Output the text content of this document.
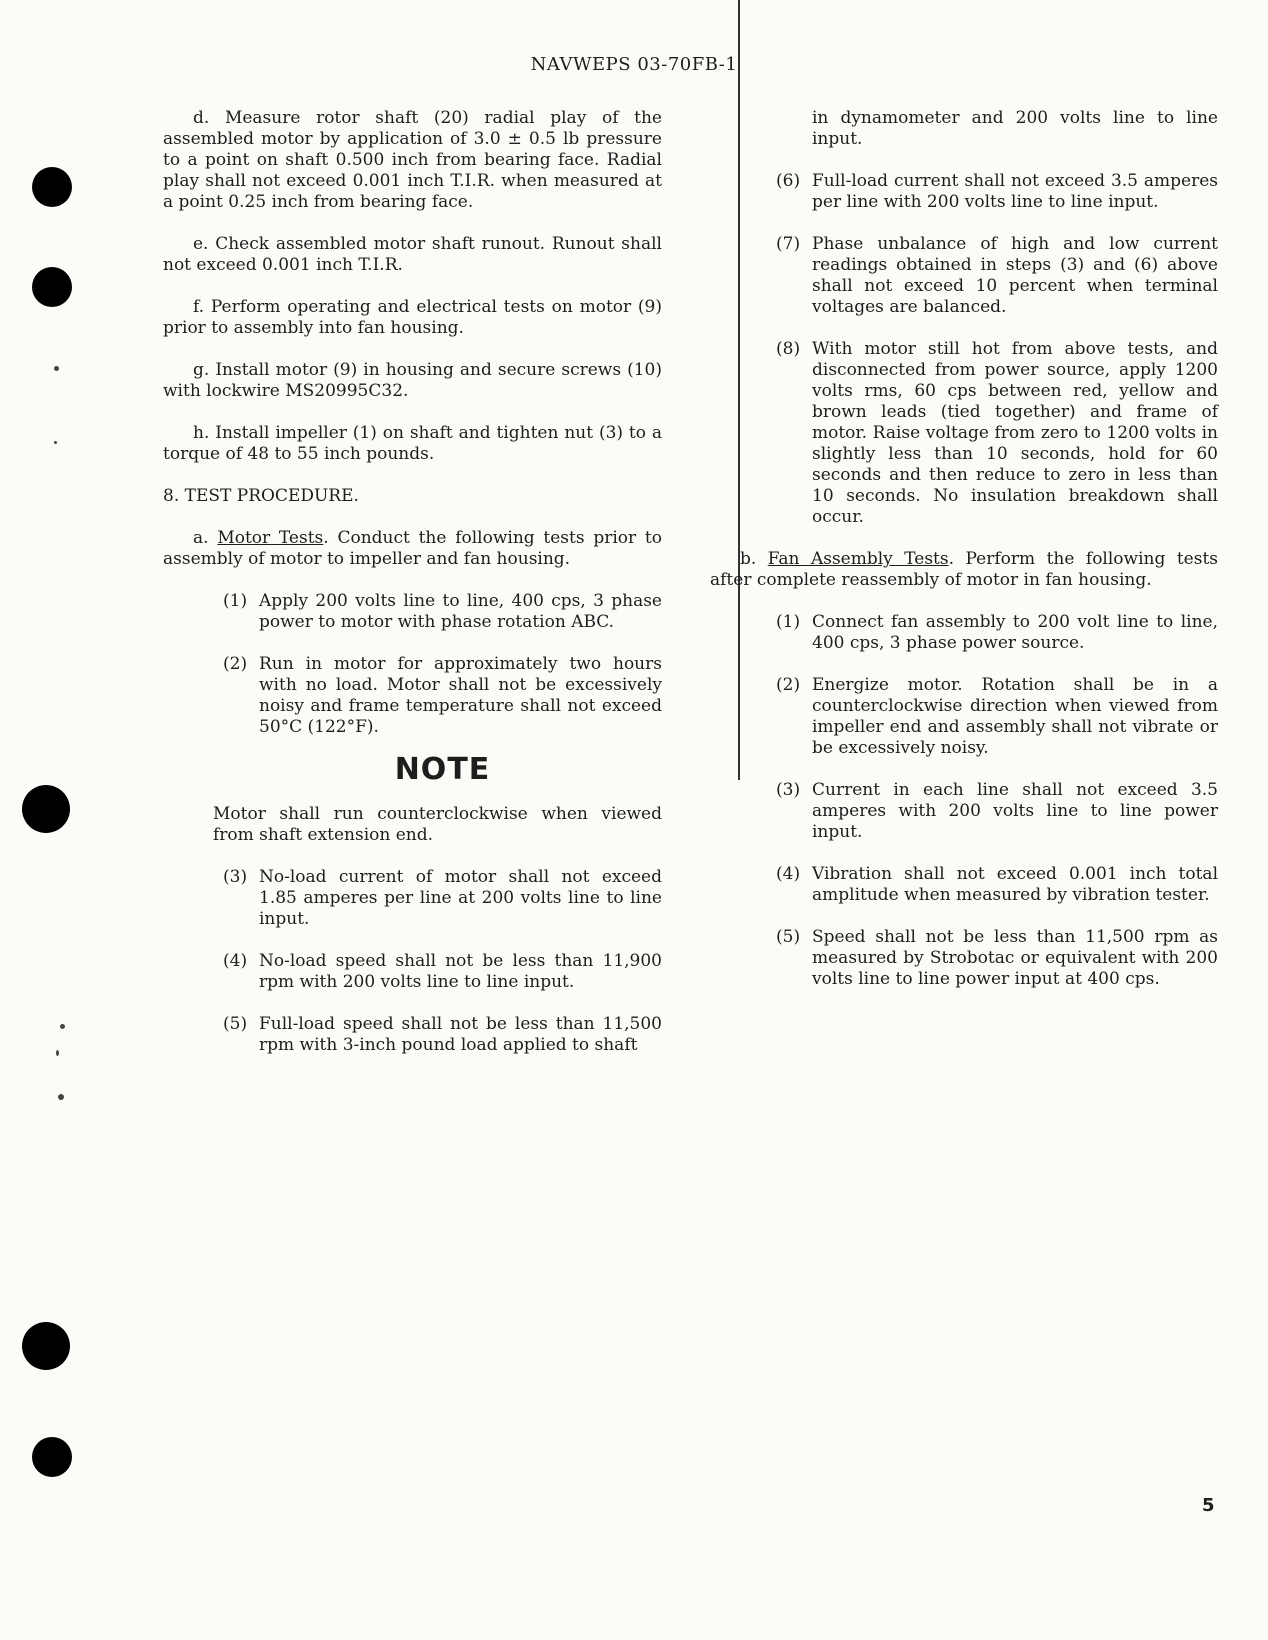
NAVWEPS 03-70FB-1

d. Measure rotor shaft (20) radial play of the assembled motor by application of 3.0 ± 0.5 lb pressure to a point on shaft 0.500 inch from bearing face. Radial play shall not exceed 0.001 inch T.I.R. when measured at a point 0.25 inch from bearing face.

e. Check assembled motor shaft runout. Runout shall not exceed 0.001 inch T.I.R.

f. Perform operating and electrical tests on motor (9) prior to assembly into fan housing.

g. Install motor (9) in housing and secure screws (10) with lockwire MS20995C32.

h. Install impeller (1) on shaft and tighten nut (3) to a torque of 48 to 55 inch pounds.

8. TEST PROCEDURE.

a. Motor Tests. Conduct the following tests prior to assembly of motor to impeller and fan housing.

(1) Apply 200 volts line to line, 400 cps, 3 phase power to motor with phase rotation ABC.
(2) Run in motor for approximately two hours with no load. Motor shall not be excessively noisy and frame temperature shall not exceed 50°C (122°F).
NOTE

Motor shall run counterclockwise when viewed from shaft extension end.

(3) No-load current of motor shall not exceed 1.85 amperes per line at 200 volts line to line input.
(4) No-load speed shall not be less than 11,900 rpm with 200 volts line to line input.
(5) Full-load speed shall not be less than 11,500 rpm with 3-inch pound load applied to shaft

in dynamometer and 200 volts line to line input.

(6) Full-load current shall not exceed 3.5 amperes per line with 200 volts line to line input.
(7) Phase unbalance of high and low current readings obtained in steps (3) and (6) above shall not exceed 10 percent when terminal voltages are balanced.
(8) With motor still hot from above tests, and disconnected from power source, apply 1200 volts rms, 60 cps between red, yellow and brown leads (tied together) and frame of motor. Raise voltage from zero to 1200 volts in slightly less than 10 seconds, hold for 60 seconds and then reduce to zero in less than 10 seconds. No insulation breakdown shall occur.

b. Fan Assembly Tests. Perform the following tests after complete reassembly of motor in fan housing.

(1) Connect fan assembly to 200 volt line to line, 400 cps, 3 phase power source.
(2) Energize motor. Rotation shall be in a counterclockwise direction when viewed from impeller end and assembly shall not vibrate or be excessively noisy.
(3) Current in each line shall not exceed 3.5 amperes with 200 volts line to line power input.
(4) Vibration shall not exceed 0.001 inch total amplitude when measured by vibration tester.
(5) Speed shall not be less than 11,500 rpm as measured by Strobotac or equivalent with 200 volts line to line power input at 400 cps.
5
